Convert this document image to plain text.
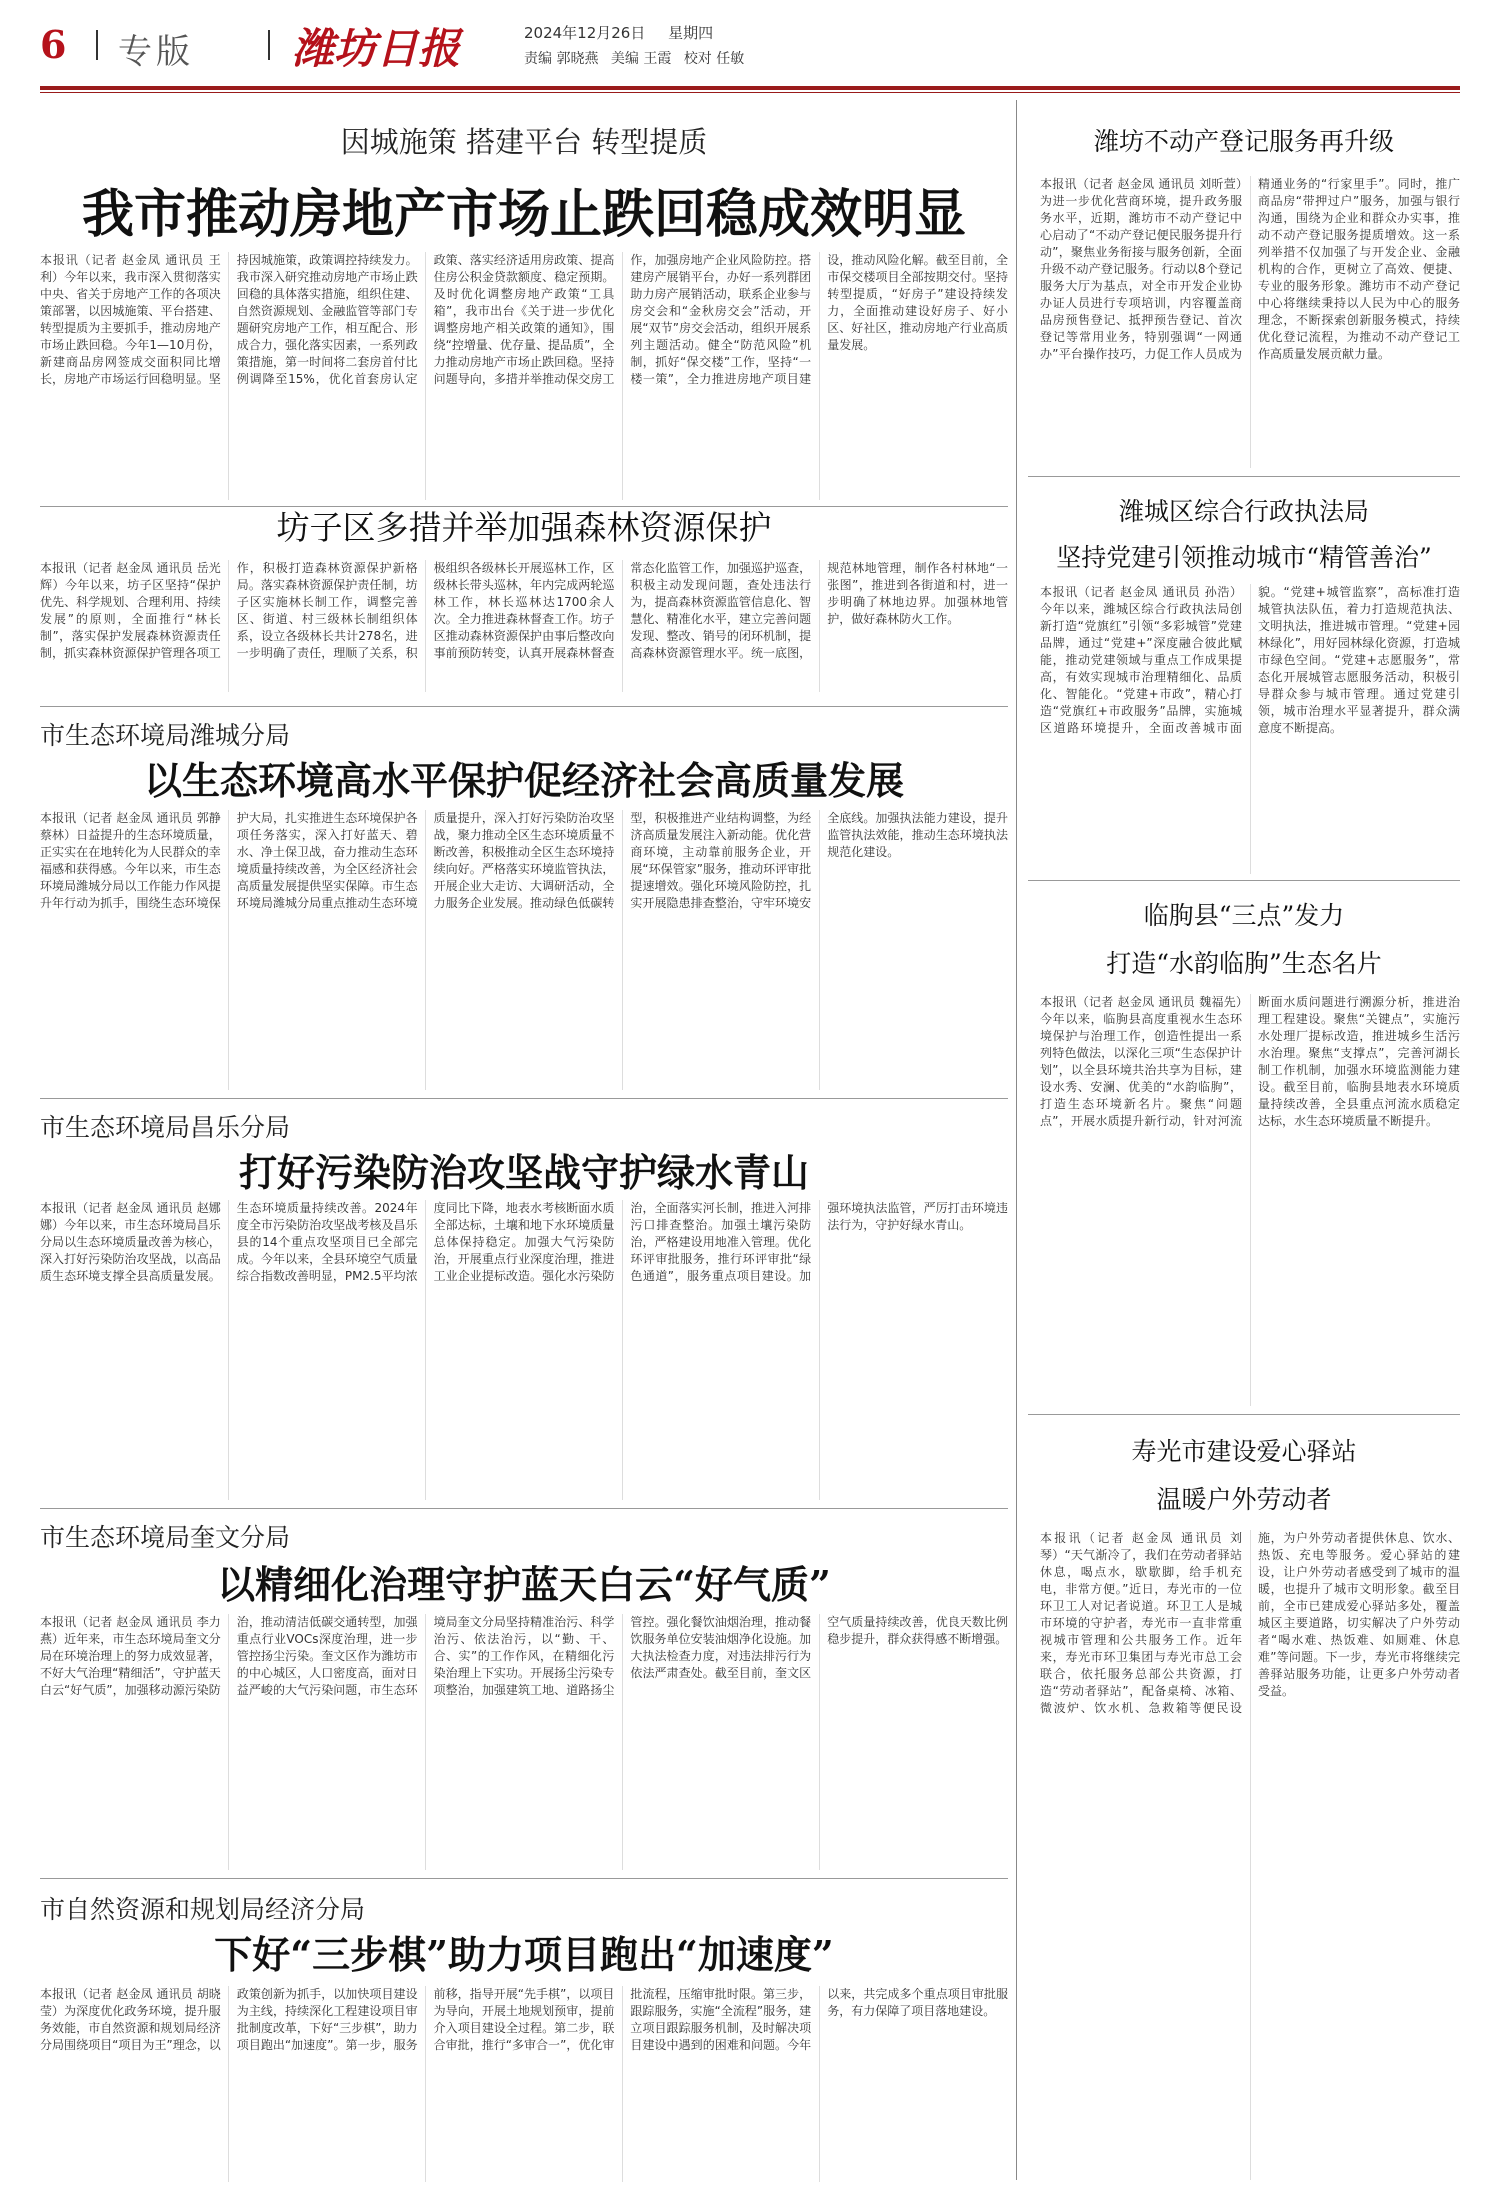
6 专版 潍坊日报	2024年12月26日 星期四
责编 郭晓燕 美编 王霞 校对 任敏
因城施策 搭建平台 转型提质
我市推动房地产市场止跌回稳成效明显
本报讯（记者 赵金凤 通讯员 王利）今年以来，我市深入贯彻落实中央、省关于房地产工作的各项决策部署，以因城施策、平台搭建、转型提质为主要抓手，推动房地产市场止跌回稳。今年1—10月份，新建商品房网签成交面积同比增长，房地产市场运行回稳明显。坚持因城施策，政策调控持续发力。我市深入研究推动房地产市场止跌回稳的具体落实措施，组织住建、自然资源规划、金融监管等部门专题研究房地产工作，相互配合、形成合力，强化落实因素，一系列政策措施，第一时间将二套房首付比例调降至15%，优化首套房认定政策、落实经济适用房政策、提高住房公积金贷款额度、稳定预期。及时优化调整房地产政策“工具箱”，我市出台《关于进一步优化调整房地产相关政策的通知》，围绕“控增量、优存量、提品质”，全力推动房地产市场止跌回稳。坚持问题导向，多措并举推动保交房工作，加强房地产企业风险防控。搭建房产展销平台，办好一系列群团助力房产展销活动，联系企业参与房交会和“金秋房交会”活动，开展“双节”房交会活动，组织开展系列主题活动。健全“防范风险”机制，抓好“保交楼”工作，坚持“一楼一策”，全力推进房地产项目建设，推动风险化解。截至目前，全市保交楼项目全部按期交付。坚持转型提质，“好房子”建设持续发力，全面推动建设好房子、好小区、好社区，推动房地产行业高质量发展。
坊子区多措并举加强森林资源保护
本报讯（记者 赵金凤 通讯员 岳光辉）今年以来，坊子区坚持“保护优先、科学规划、合理利用、持续发展”的原则，全面推行“林长制”，落实保护发展森林资源责任制，抓实森林资源保护管理各项工作，积极打造森林资源保护新格局。落实森林资源保护责任制，坊子区实施林长制工作，调整完善区、街道、村三级林长制组织体系，设立各级林长共计278名，进一步明确了责任，理顺了关系，积极组织各级林长开展巡林工作，区级林长带头巡林，年内完成两轮巡林工作，林长巡林达1700余人次。全力推进森林督查工作。坊子区推动森林资源保护由事后整改向事前预防转变，认真开展森林督查常态化监管工作，加强巡护巡查，积极主动发现问题，查处违法行为，提高森林资源监管信息化、智慧化、精准化水平，建立完善问题发现、整改、销号的闭环机制，提高森林资源管理水平。统一底图，规范林地管理，制作各村林地“一张图”，推进到各街道和村，进一步明确了林地边界。加强林地管护，做好森林防火工作。
市生态环境局潍城分局
以生态环境高水平保护促经济社会高质量发展
本报讯（记者 赵金凤 通讯员 郭静 蔡林）日益提升的生态环境质量，正实实在在地转化为人民群众的幸福感和获得感。今年以来，市生态环境局潍城分局以工作能力作风提升年行动为抓手，围绕生态环境保护大局，扎实推进生态环境保护各项任务落实，深入打好蓝天、碧水、净土保卫战，奋力推动生态环境质量持续改善，为全区经济社会高质量发展提供坚实保障。市生态环境局潍城分局重点推动生态环境质量提升，深入打好污染防治攻坚战，聚力推动全区生态环境质量不断改善，积极推动全区生态环境持续向好。严格落实环境监管执法，开展企业大走访、大调研活动，全力服务企业发展。推动绿色低碳转型，积极推进产业结构调整，为经济高质量发展注入新动能。优化营商环境，主动靠前服务企业，开展“环保管家”服务，推动环评审批提速增效。强化环境风险防控，扎实开展隐患排查整治，守牢环境安全底线。加强执法能力建设，提升监管执法效能，推动生态环境执法规范化建设。
市生态环境局昌乐分局
打好污染防治攻坚战守护绿水青山
本报讯（记者 赵金凤 通讯员 赵娜 娜）今年以来，市生态环境局昌乐分局以生态环境质量改善为核心，深入打好污染防治攻坚战，以高品质生态环境支撑全县高质量发展。生态环境质量持续改善。2024年度全市污染防治攻坚战考核及昌乐县的14个重点攻坚项目已全部完成。今年以来，全县环境空气质量综合指数改善明显，PM2.5平均浓度同比下降，地表水考核断面水质全部达标，土壤和地下水环境质量总体保持稳定。加强大气污染防治，开展重点行业深度治理，推进工业企业提标改造。强化水污染防治，全面落实河长制，推进入河排污口排查整治。加强土壤污染防治，严格建设用地准入管理。优化环评审批服务，推行环评审批“绿色通道”，服务重点项目建设。加强环境执法监管，严厉打击环境违法行为，守护好绿水青山。
市生态环境局奎文分局
以精细化治理守护蓝天白云“好气质”
本报讯（记者 赵金凤 通讯员 李力 燕）近年来，市生态环境局奎文分局在环境治理上的努力成效显著，不好大气治理“精细活”，守护蓝天白云“好气质”，加强移动源污染防治，推动清洁低碳交通转型，加强重点行业VOCs深度治理，进一步管控扬尘污染。奎文区作为潍坊市的中心城区，人口密度高，面对日益严峻的大气污染问题，市生态环境局奎文分局坚持精准治污、科学治污、依法治污，以“勤、干、合、实”的工作作风，在精细化污染治理上下实功。开展扬尘污染专项整治，加强建筑工地、道路扬尘管控。强化餐饮油烟治理，推动餐饮服务单位安装油烟净化设施。加大执法检查力度，对违法排污行为依法严肃查处。截至目前，奎文区空气质量持续改善，优良天数比例稳步提升，群众获得感不断增强。
市自然资源和规划局经济分局
下好“三步棋”助力项目跑出“加速度”
本报讯（记者 赵金凤 通讯员 胡晓 莹）为深度优化政务环境，提升服务效能，市自然资源和规划局经济分局围绕项目“项目为王”理念，以政策创新为抓手，以加快项目建设为主线，持续深化工程建设项目审批制度改革，下好“三步棋”，助力项目跑出“加速度”。第一步，服务前移，指导开展“先手棋”，以项目为导向，开展土地规划预审，提前介入项目建设全过程。第二步，联合审批，推行“多审合一”，优化审批流程，压缩审批时限。第三步，跟踪服务，实施“全流程”服务，建立项目跟踪服务机制，及时解决项目建设中遇到的困难和问题。今年以来，共完成多个重点项目审批服务，有力保障了项目落地建设。
潍坊不动产登记服务再升级
本报讯（记者 赵金凤 通讯员 刘昕萱）为进一步优化营商环境，提升政务服务水平，近期，潍坊市不动产登记中心启动了“不动产登记便民服务提升行动”，聚焦业务衔接与服务创新，全面升级不动产登记服务。行动以8个登记服务大厅为基点，对全市开发企业协办证人员进行专项培训，内容覆盖商品房预售登记、抵押预告登记、首次登记等常用业务，特别强调“一网通办”平台操作技巧，力促工作人员成为精通业务的“行家里手”。同时，推广商品房“带押过户”服务，加强与银行沟通，围绕为企业和群众办实事，推动不动产登记服务提质增效。这一系列举措不仅加强了与开发企业、金融机构的合作，更树立了高效、便捷、专业的服务形象。潍坊市不动产登记中心将继续秉持以人民为中心的服务理念，不断探索创新服务模式，持续优化登记流程，为推动不动产登记工作高质量发展贡献力量。
潍城区综合行政执法局
坚持党建引领推动城市“精管善治”
本报讯（记者 赵金凤 通讯员 孙浩）今年以来，潍城区综合行政执法局创新打造“党旗红”引领“多彩城管”党建品牌，通过“党建+”深度融合彼此赋能，推动党建领域与重点工作成果提高，有效实现城市治理精细化、品质化、智能化。“党建+市政”，精心打造“党旗红+市政服务”品牌，实施城区道路环境提升，全面改善城市面貌。“党建+城管监察”，高标准打造城管执法队伍，着力打造规范执法、文明执法，推进城市管理。“党建+园林绿化”，用好园林绿化资源，打造城市绿色空间。“党建+志愿服务”，常态化开展城管志愿服务活动，积极引导群众参与城市管理。通过党建引领，城市治理水平显著提升，群众满意度不断提高。
临朐县“三点”发力
打造“水韵临朐”生态名片
本报讯（记者 赵金凤 通讯员 魏福先）今年以来，临朐县高度重视水生态环境保护与治理工作，创造性提出一系列特色做法，以深化三项“生态保护计划”，以全县环境共治共享为目标，建设水秀、安澜、优美的“水韵临朐”，打造生态环境新名片。聚焦“问题点”，开展水质提升新行动，针对河流断面水质问题进行溯源分析，推进治理工程建设。聚焦“关键点”，实施污水处理厂提标改造，推进城乡生活污水治理。聚焦“支撑点”，完善河湖长制工作机制，加强水环境监测能力建设。截至目前，临朐县地表水环境质量持续改善，全县重点河流水质稳定达标，水生态环境质量不断提升。
寿光市建设爱心驿站
温暖户外劳动者
本报讯（记者 赵金凤 通讯员 刘琴）“天气渐冷了，我们在劳动者驿站休息，喝点水，歇歇脚，给手机充电，非常方便。”近日，寿光市的一位环卫工人对记者说道。环卫工人是城市环境的守护者，寿光市一直非常重视城市管理和公共服务工作。近年来，寿光市环卫集团与寿光市总工会联合，依托服务总部公共资源，打造“劳动者驿站”，配备桌椅、冰箱、微波炉、饮水机、急救箱等便民设施，为户外劳动者提供休息、饮水、热饭、充电等服务。爱心驿站的建设，让户外劳动者感受到了城市的温暖，也提升了城市文明形象。截至目前，全市已建成爱心驿站多处，覆盖城区主要道路，切实解决了户外劳动者“喝水难、热饭难、如厕难、休息难”等问题。下一步，寿光市将继续完善驿站服务功能，让更多户外劳动者受益。
